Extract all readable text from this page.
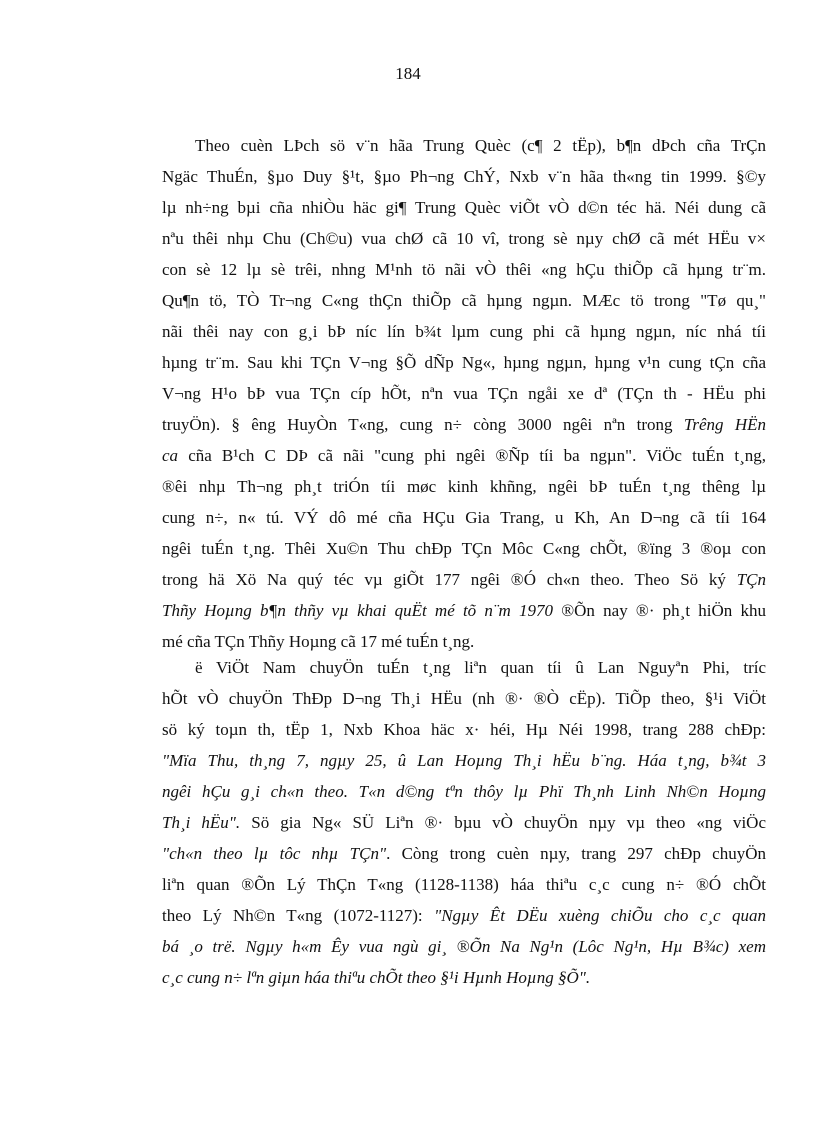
184
Theo cuèn LÞch sö v¨n hãa Trung Quèc (c¶ 2 tËp), b¶n dÞch cña TrÇn
Ngäc ThuÉn, §µo Duy §¹t, §µo Ph¬ng ChÝ, Nxb v¨n hãa th«ng tin 1999. §©y
lµ nh÷ng bµi cña nhiÒu häc gi¶ Trung Quèc viÕt vÒ d©n téc hä. Néi dung cã
nªu thêi nhµ Chu (Ch©u) vua chØ cã 10 vî, trong sè nµy chØ cã mét HËu v×
con sè 12 lµ sè trêi, nhng M¹nh tö nãi vÒ thêi «ng hÇu thiÕp cã hµng tr¨m.
Qu¶n tö, TÒ Tr¬ng C«ng thÇn thiÕp cã hµng ngµn. MÆc tö trong "Tø qu¸"
nãi thêi nay con g¸i bÞ níc lín b¾t lµm cung phi cã hµng ngµn, níc nhá tíi
hµng tr¨m. Sau khi TÇn V¬ng §Õ dÑp Ng«, hµng ngµn, hµng v¹n cung tÇn cña
V¬ng H¹o bÞ vua TÇn cíp hÕt, nªn vua TÇn ngåi xe dª (TÇn th - HËu phi
truyÖn). § êng HuyÒn T«ng, cung n÷ còng 3000 ngêi nªn trong Trêng HËn
ca cña B¹ch C DÞ cã nãi "cung phi ngêi ®Ñp tíi ba ngµn". ViÖc tuÉn t¸ng,
®êi nhµ Th¬ng ph¸t triÓn tíi møc kinh khñng, ngêi bÞ tuÉn t¸ng thêng lµ
cung n÷, n« tú. VÝ dô mé cña HÇu Gia Trang, u Kh, An D¬ng cã tíi 164
ngêi tuÉn t¸ng. Thêi Xu©n Thu chÐp TÇn Môc C«ng chÕt, ®ïng 3 ®oµ con
trong hä Xö Na quý téc vµ giÕt 177 ngêi ®Ó ch«n theo. Theo Sö ký TÇn
Thñy Hoµng b¶n thñy vµ khai quËt mé tõ n¨m 1970 ®Õn nay ®· ph¸t hiÖn khu
mé cña TÇn Thñy Hoµng cã 17 mé tuÉn t¸ng.
ë ViÖt Nam chuyÖn tuÉn t¸ng liªn quan tíi û Lan Nguyªn Phi, tríc
hÕt vÒ chuyÖn ThÐp D¬ng Th¸i HËu (nh ®· ®Ò cËp). TiÕp theo, §¹i ViÖt
sö ký toµn th, tËp 1, Nxb Khoa häc x· héi, Hµ Néi 1998, trang 288 chÐp:
"Mïa Thu, th¸ng 7, ngµy 25, û Lan Hoµng Th¸i hËu b¨ng. Háa t¸ng, b¾t 3
ngêi hÇu g¸i ch«n theo. T«n d©ng tªn thôy lµ Phï Th¸nh Linh Nh©n Hoµng
Th¸i hËu". Sö gia Ng« SÜ Liªn ®· bµu vÒ chuyÖn nµy vµ theo «ng viÖc
"ch«n theo lµ tôc nhµ TÇn". Còng trong cuèn nµy, trang 297 chÐp chuyÖn
liªn quan ®Õn Lý ThÇn T«ng (1128-1138) háa thiªu c¸c cung n÷ ®Ó chÕt
theo Lý Nh©n T«ng (1072-1127): "Ngµy Êt DËu xuèng chiÕu cho c¸c quan
bá ¸o trë. Ngµy h«m Êy vua ngù gi¸ ®Õn Na Ng¹n (Lôc Ng¹n, Hµ B¾c) xem
c¸c cung n÷ lªn giµn háa thiªu chÕt theo §¹i Hµnh Hoµng §Õ".
